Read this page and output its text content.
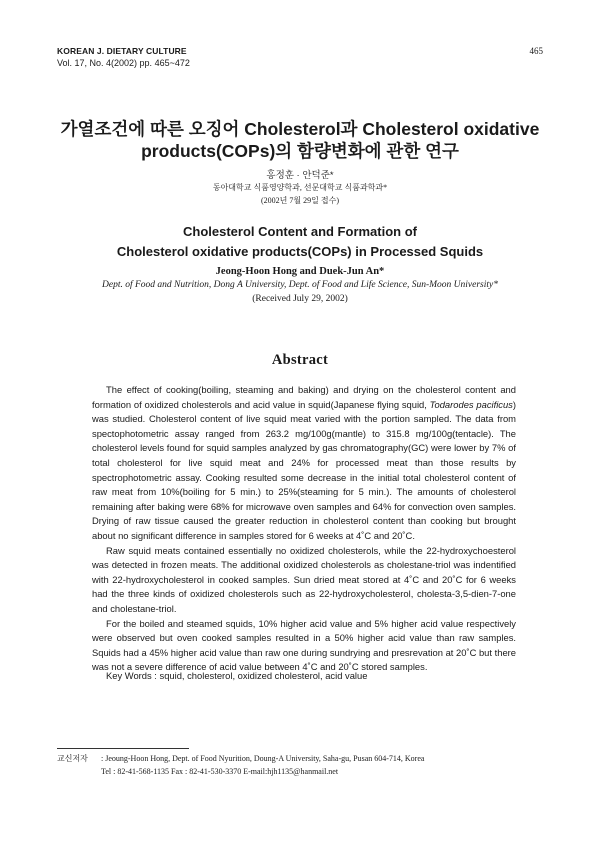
KOREAN J. DIETARY CULTURE
Vol. 17, No. 4(2002) pp. 465~472
465
가열조건에 따른 오징어 Cholesterol과 Cholesterol oxidative
products(COPs)의 함량변화에 관한 연구
홍정훈 · 안덕준*
동아대학교 식품영양학과, 선문대학교 식품과학과*
(2002년 7월 29일 접수)
Cholesterol Content and Formation of
Cholesterol oxidative products(COPs) in Processed Squids
Jeong-Hoon Hong and Duek-Jun An*
Dept. of Food and Nutrition, Dong A University, Dept. of Food and Life Science, Sun-Moon University*
(Received July 29, 2002)
Abstract

The effect of cooking(boiling, steaming and baking) and drying on the cholesterol content and formation of oxidized cholesterols and acid value in squid(Japanese flying squid, Todarodes pacificus) was studied. Cholesterol content of live squid meat varied with the portion sampled. The data from spectophotometric assay ranged from 263.2 mg/100g(mantle) to 315.8 mg/100g(tentacle). The cholesterol levels found for squid samples analyzed by gas chromatography(GC) were lower by 7% of total cholesterol for live squid meat and 24% for processed meat than those results by spectrophotometric assay. Cooking resulted some decrease in the initial total cholesterol content of raw meat from 10%(boiling for 5 min.) to 25%(steaming for 5 min.). The amounts of cholesterol remaining after baking were 68% for microwave oven samples and 64% for convection oven samples. Drying of raw tissue caused the greater reduction in cholesterol content than cooking but brought about no significant difference in samples stored for 6 weeks at 4˚C and 20˚C.

Raw squid meats contained essentially no oxidized cholesterols, while the 22-hydroxychoesterol was detected in frozen meats. The additional oxidized cholesterols as cholestane-triol was indentified with 22-hydroxycholesterol in cooked samples. Sun dried meat stored at 4˚C and 20˚C for 6 weeks had the three kinds of oxidized cholesterols such as 22-hydroxycholesterol, cholesta-3,5-dien-7-one and cholestane-triol.

For the boiled and steamed squids, 10% higher acid value and 5% higher acid value respectively were observed but oven cooked samples resulted in a 50% higher acid value than raw samples. Squids had a 45% higher acid value than raw one during sundrying and presrevation at 20˚C but there was not a severe difference of acid value between 4˚C and 20˚C stored samples.

Key Words : squid, cholesterol, oxidized cholesterol, acid value
교신저자 : Jeoung-Hoon Hong, Dept. of Food Nyurition, Doung-A University, Saha-gu, Pusan 604-714, Korea
Tel : 82-41-568-1135 Fax : 82-41-530-3370 E-mail:hjh1135@hanmail.net
